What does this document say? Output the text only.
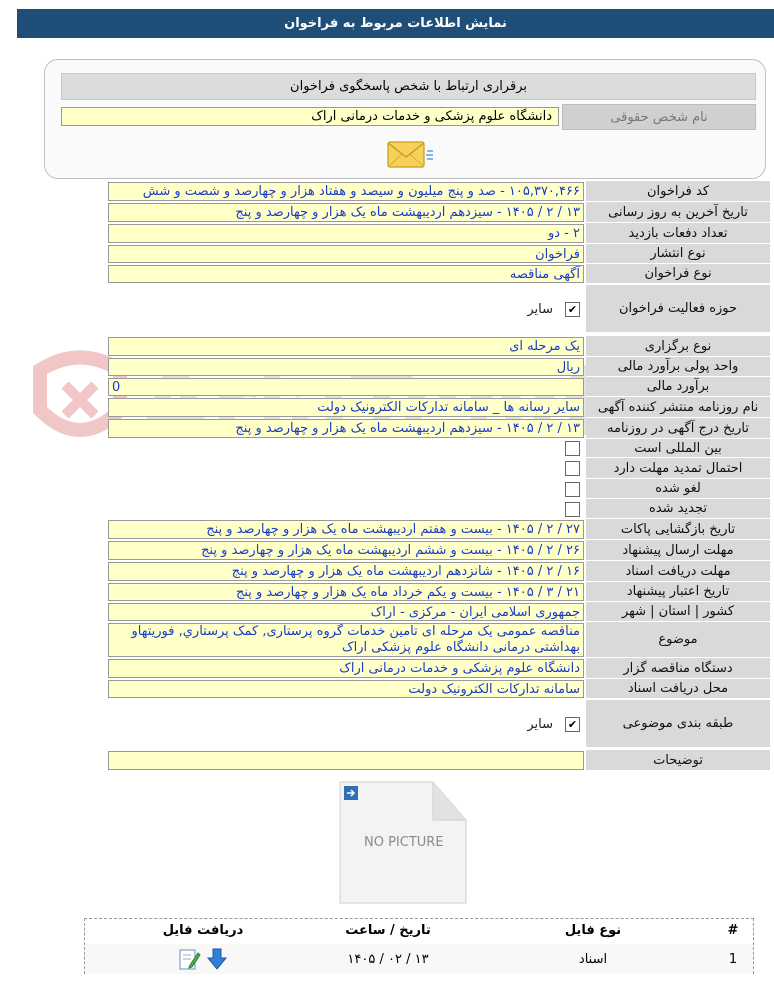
نمایش اطلاعات مربوط به فراخوان
برقراری ارتباط با شخص پاسخگوی فراخوان
نام شخص حقوقی
دانشگاه علوم پزشکی و خدمات درمانی اراک
کد فراخوان
۱۰۵,۳۷۰,۴۶۶ - صد و پنج میلیون و سیصد و هفتاد هزار و چهارصد و شصت و شش
تاریخ آخرین به روز رسانی
۱۳ / ۲ / ۱۴۰۵ - سیزدهم اردیبهشت ماه یک هزار و چهارصد و پنج
تعداد دفعات بازدید
۲ - دو
نوع انتشار
فراخوان
نوع فراخوان
آگهی مناقصه
حوزه فعالیت فراخوان
✔
سایر
نوع برگزاری
یک مرحله ای
واحد پولی برآورد مالی
ریال
برآورد مالی
0
نام روزنامه منتشر کننده آگهی
سایر رسانه ها _ سامانه تدارکات الکترونیک دولت
تاریخ درج آگهی در روزنامه
۱۳ / ۲ / ۱۴۰۵ - سیزدهم اردیبهشت ماه یک هزار و چهارصد و پنج
بین المللی است
احتمال تمدید مهلت دارد
لغو شده
تجدید شده
تاریخ بازگشایی پاکات
۲۷ / ۲ / ۱۴۰۵ - بیست و هفتم اردیبهشت ماه یک هزار و چهارصد و پنج
مهلت ارسال پیشنهاد
۲۶ / ۲ / ۱۴۰۵ - بیست و ششم اردیبهشت ماه یک هزار و چهارصد و پنج
مهلت دریافت اسناد
۱۶ / ۲ / ۱۴۰۵ - شانزدهم اردیبهشت ماه یک هزار و چهارصد و پنج
تاریخ اعتبار پیشنهاد
۲۱ / ۳ / ۱۴۰۵ - بیست و یکم خرداد ماه یک هزار و چهارصد و پنج
کشور | استان | شهر
جمهوری اسلامی ایران - مرکزی - اراک
موضوع
مناقصه عمومی یک مرحله ای تامین خدمات گروه پرستاری, کمک پرستاري, فوریتهاو بهداشتی درمانی دانشگاه علوم پزشکی اراک
دستگاه مناقصه گزار
دانشگاه علوم پزشکی و خدمات درمانی اراک
محل دریافت اسناد
سامانه تدارکات الکترونیک دولت
طبقه بندی موضوعی
✔
سایر
توضیحات
NO PICTURE
#
نوع فایل
تاریخ / ساعت
دریافت فایل
1
اسناد
۱۳ / ۰۲ / ۱۴۰۵
